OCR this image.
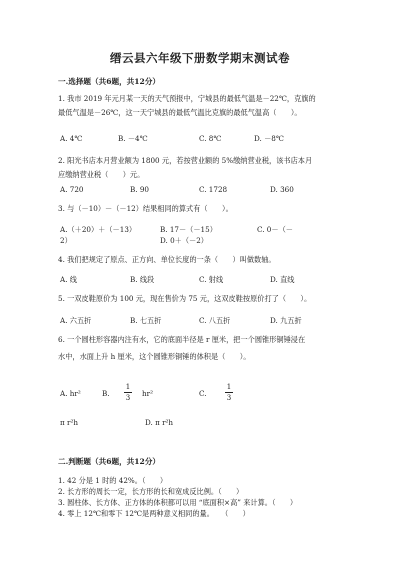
缙云县六年级下册数学期末测试卷
一.选择题（共6题，共12分）
1. 我市 2019 年元月某一天的天气预报中，宁城县的最低气温是－22℃，克旗的
最低气温是－26℃，这一天宁城县的最低气温比克旗的最低气温高（　　）。
A. 4℃	B. －4℃	C. 8℃	D. －8℃
2. 阳光书店本月营业额为 1800 元，若按营业额的 5%缴纳营业税，该书店本月
应缴纳营业税（　　）元。
A. 720	B. 90	C. 1728	D. 360
3. 与（－10）－（－12）结果相同的算式有（　　）。
A.（＋20）＋（－13）	B. 17－（－15）	C. 0－（－
2）	D. 0＋（－2）
4. 我们把规定了原点、正方向、单位长度的一条（　　）叫做数轴。
A. 线	B. 线段	C. 射线	D. 直线
5. 一双皮鞋原价为 100 元，现在售价为 75 元，这双皮鞋按原价打了（　　）。
A. 六五折	B. 七五折	C. 八五折	D. 九五折
6. 一个圆柱形容器内注有水，它的底面半径是 r 厘米，把一个圆锥形铜锤浸在
水中，水面上升 h 厘米，这个圆锥形铜锤的体积是（　　）。
A. hr²	B.
1
3 hr²	C.
1
3
π r²h	D. π r²h
二.判断题（共6题，共12分）
1. 42 分是 1 时的 42%。（　　）
2. 长方形的周长一定，长方形的长和宽成反比例。（　　）
3. 圆柱体、长方体、正方体的体积都可以用 “底面积×高” 来计算。（　　）
4. 零上 12℃和零下 12℃是两种意义相同的量。　　（　　）
